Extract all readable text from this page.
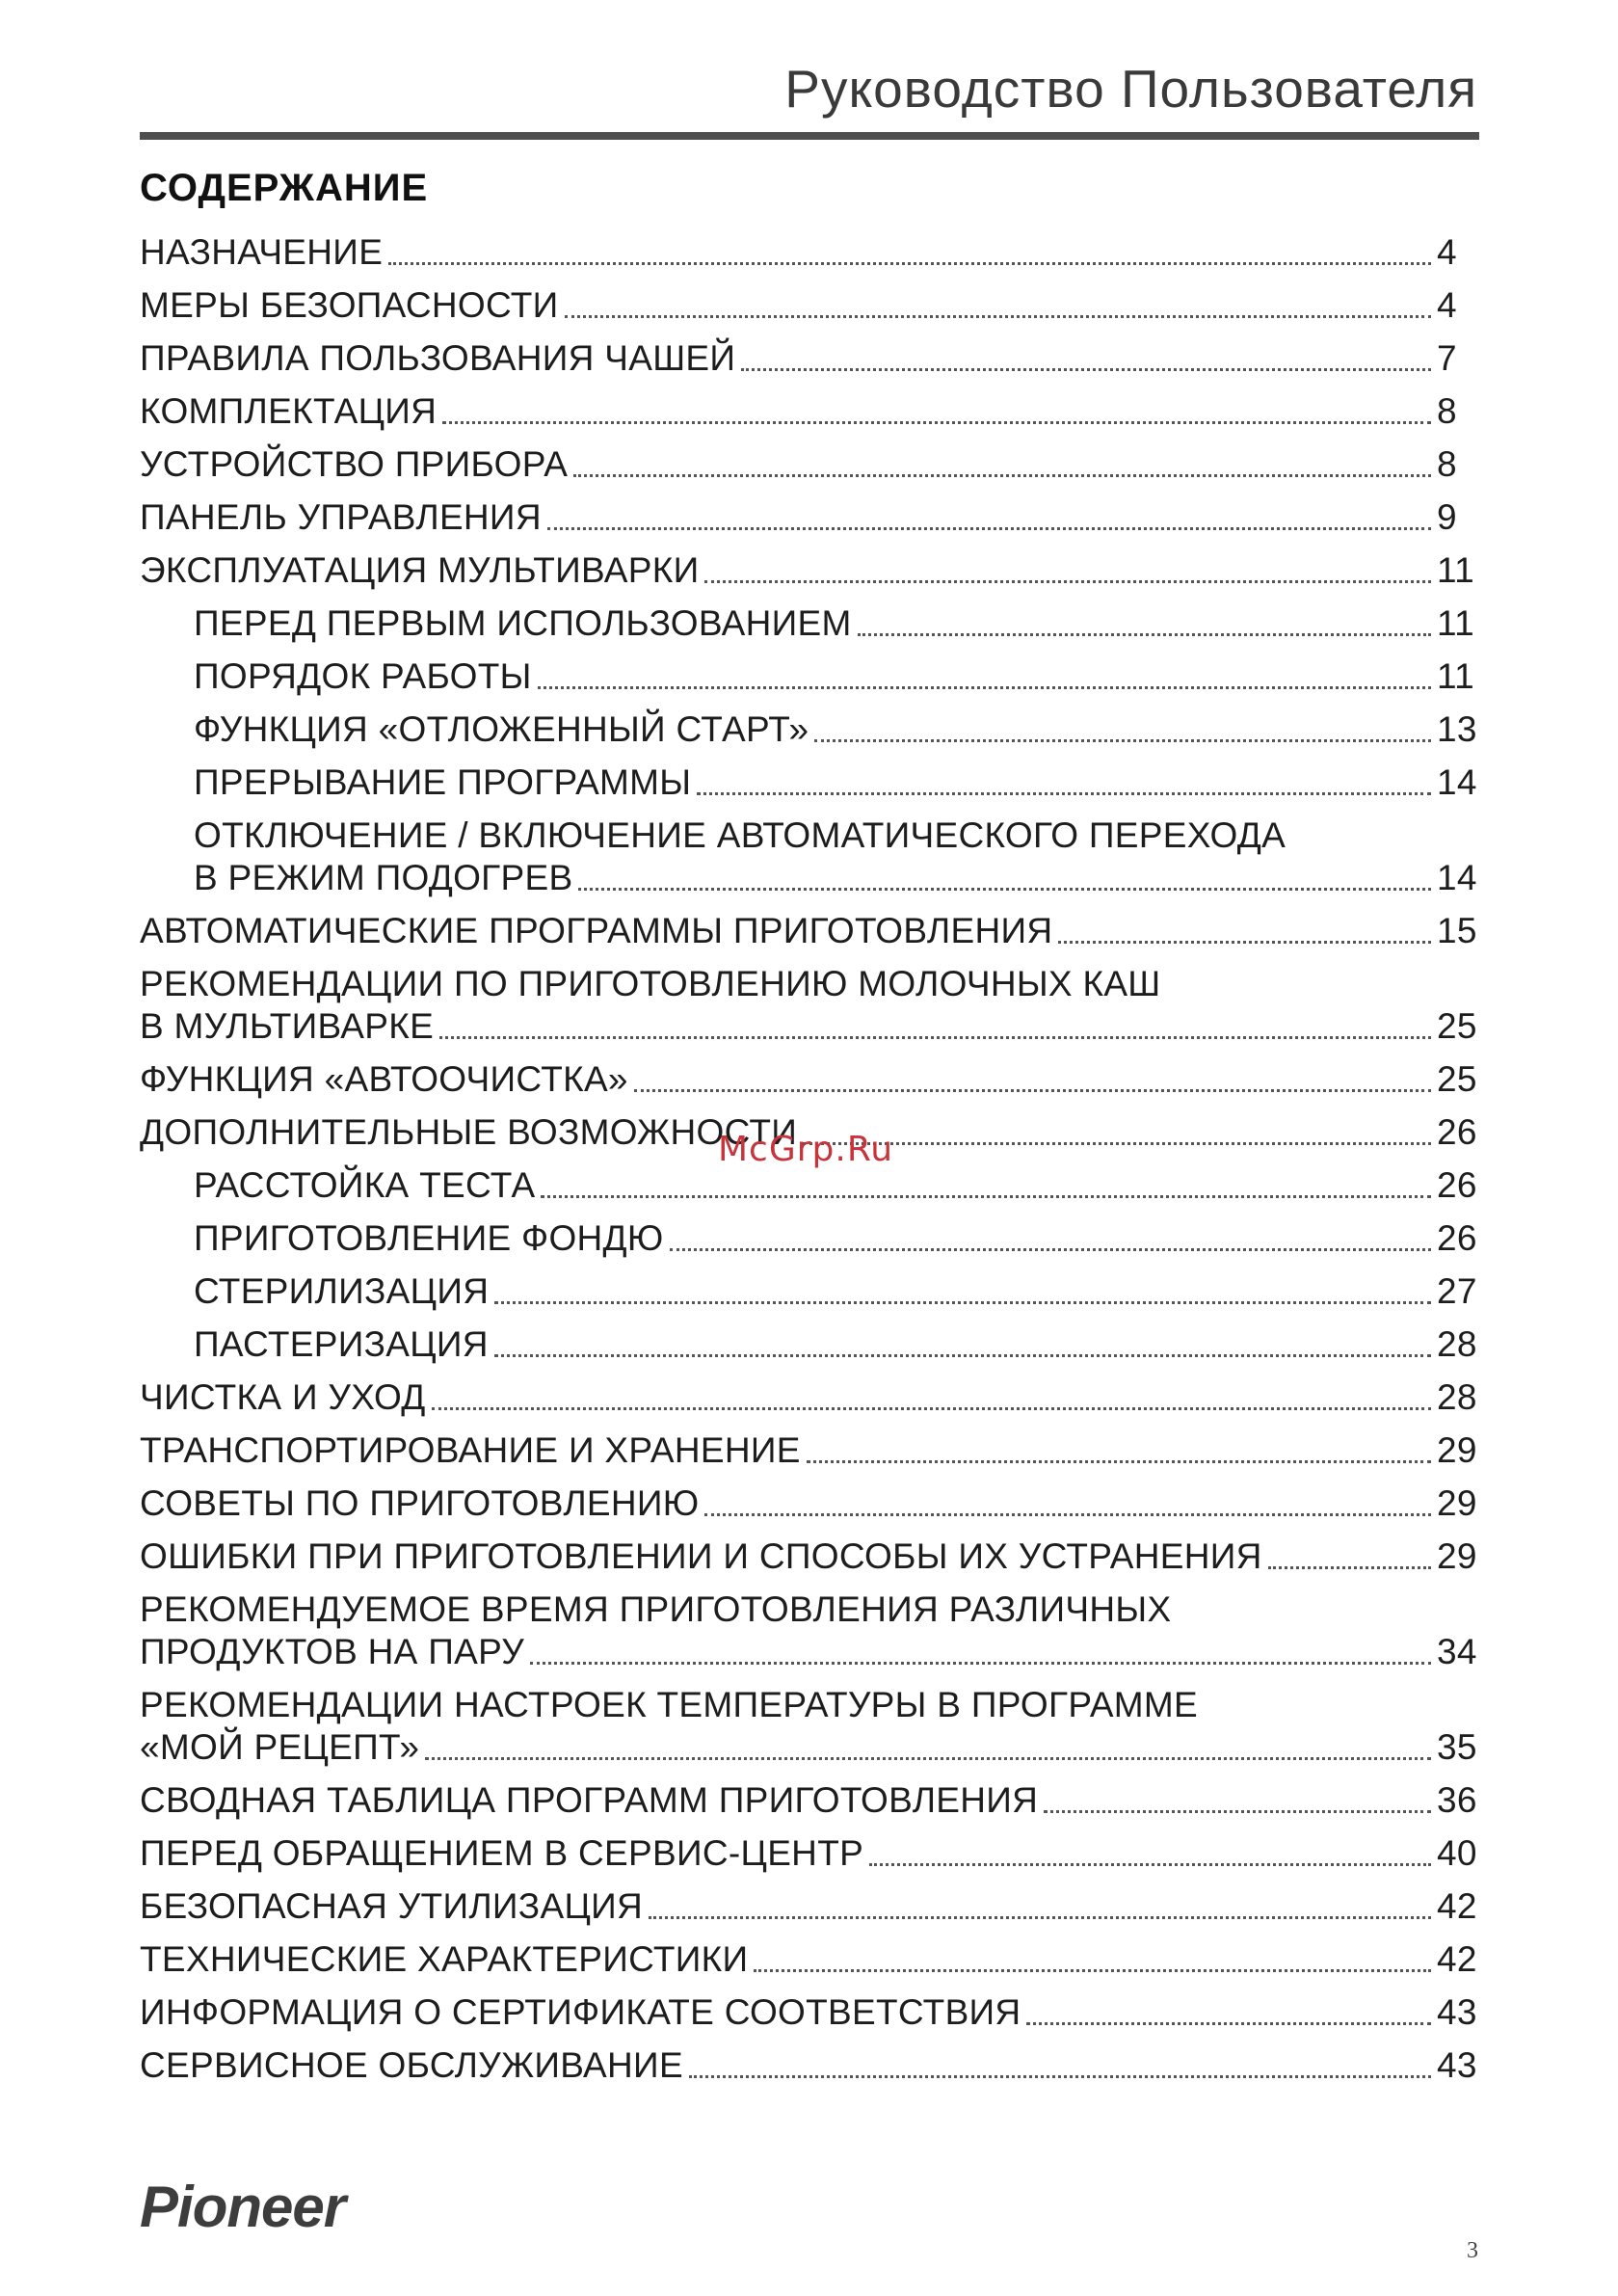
Руководство Пользователя
СОДЕРЖАНИЕ
НАЗНАЧЕНИЕ	4
МЕРЫ БЕЗОПАСНОСТИ	4
ПРАВИЛА ПОЛЬЗОВАНИЯ ЧАШЕЙ	7
КОМПЛЕКТАЦИЯ	8
УСТРОЙСТВО ПРИБОРА	8
ПАНЕЛЬ УПРАВЛЕНИЯ	9
ЭКСПЛУАТАЦИЯ МУЛЬТИВАРКИ	11
ПЕРЕД ПЕРВЫМ ИСПОЛЬЗОВАНИЕМ	11
ПОРЯДОК РАБОТЫ	11
ФУНКЦИЯ «ОТЛОЖЕННЫЙ СТАРТ»	13
ПРЕРЫВАНИЕ ПРОГРАММЫ	14
ОТКЛЮЧЕНИЕ / ВКЛЮЧЕНИЕ АВТОМАТИЧЕСКОГО ПЕРЕХОДА
В РЕЖИМ ПОДОГРЕВ	14
АВТОМАТИЧЕСКИЕ ПРОГРАММЫ ПРИГОТОВЛЕНИЯ	15
РЕКОМЕНДАЦИИ ПО ПРИГОТОВЛЕНИЮ МОЛОЧНЫХ КАШ
В МУЛЬТИВАРКЕ	25
ФУНКЦИЯ «АВТООЧИСТКА»	25
ДОПОЛНИТЕЛЬНЫЕ ВОЗМОЖНОСТИ	26
РАССТОЙКА ТЕСТА	26
ПРИГОТОВЛЕНИЕ ФОНДЮ	26
СТЕРИЛИЗАЦИЯ	27
ПАСТЕРИЗАЦИЯ	28
ЧИСТКА И УХОД	28
ТРАНСПОРТИРОВАНИЕ И ХРАНЕНИЕ	29
СОВЕТЫ ПО ПРИГОТОВЛЕНИЮ	29
ОШИБКИ ПРИ ПРИГОТОВЛЕНИИ И СПОСОБЫ ИХ УСТРАНЕНИЯ	29
РЕКОМЕНДУЕМОЕ ВРЕМЯ ПРИГОТОВЛЕНИЯ РАЗЛИЧНЫХ
ПРОДУКТОВ НА ПАРУ	34
РЕКОМЕНДАЦИИ НАСТРОЕК ТЕМПЕРАТУРЫ В ПРОГРАММЕ
«МОЙ РЕЦЕПТ»	35
СВОДНАЯ ТАБЛИЦА ПРОГРАММ ПРИГОТОВЛЕНИЯ	36
ПЕРЕД ОБРАЩЕНИЕМ В СЕРВИС-ЦЕНТР	40
БЕЗОПАСНАЯ УТИЛИЗАЦИЯ	42
ТЕХНИЧЕСКИЕ ХАРАКТЕРИСТИКИ	42
ИНФОРМАЦИЯ О СЕРТИФИКАТЕ СООТВЕТСТВИЯ	43
СЕРВИСНОЕ ОБСЛУЖИВАНИЕ	43
McGrp.Ru
Pioneer
3
